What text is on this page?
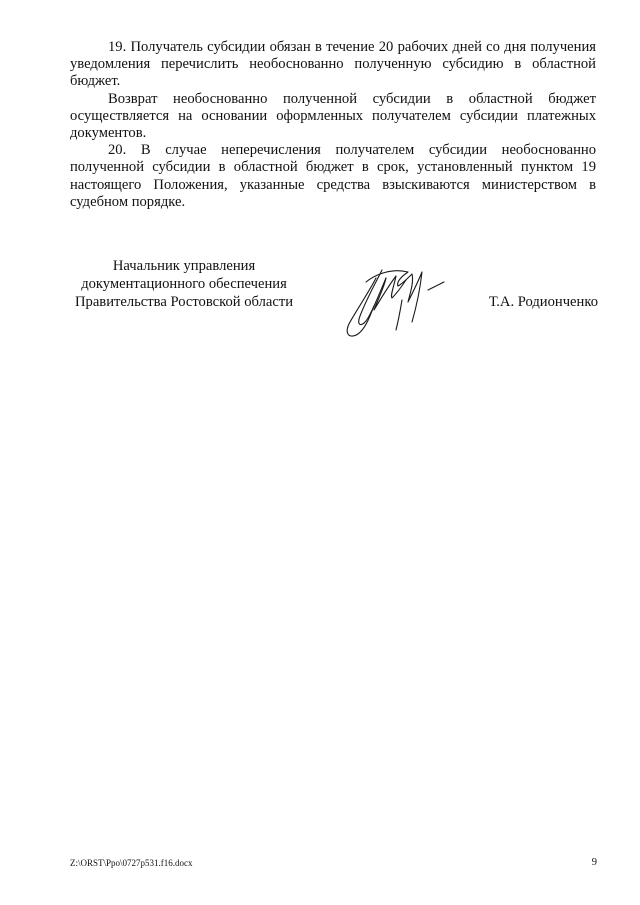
19. Получатель субсидии обязан в течение 20 рабочих дней со дня получения уведомления перечислить необоснованно полученную субсидию в областной бюджет.

Возврат необоснованно полученной субсидии в областной бюджет осуществляется на основании оформленных получателем субсидии платежных документов.

20. В случае неперечисления получателем субсидии необоснованно полученной субсидии в областной бюджет в срок, установленный пунктом 19 настоящего Положения, указанные средства взыскиваются министерством в судебном порядке.

Начальник управления
документационного обеспечения
Правительства Ростовской области	Т.А. Родионченко
Z:\ORST\Ppo\0727p531.f16.docx	9
